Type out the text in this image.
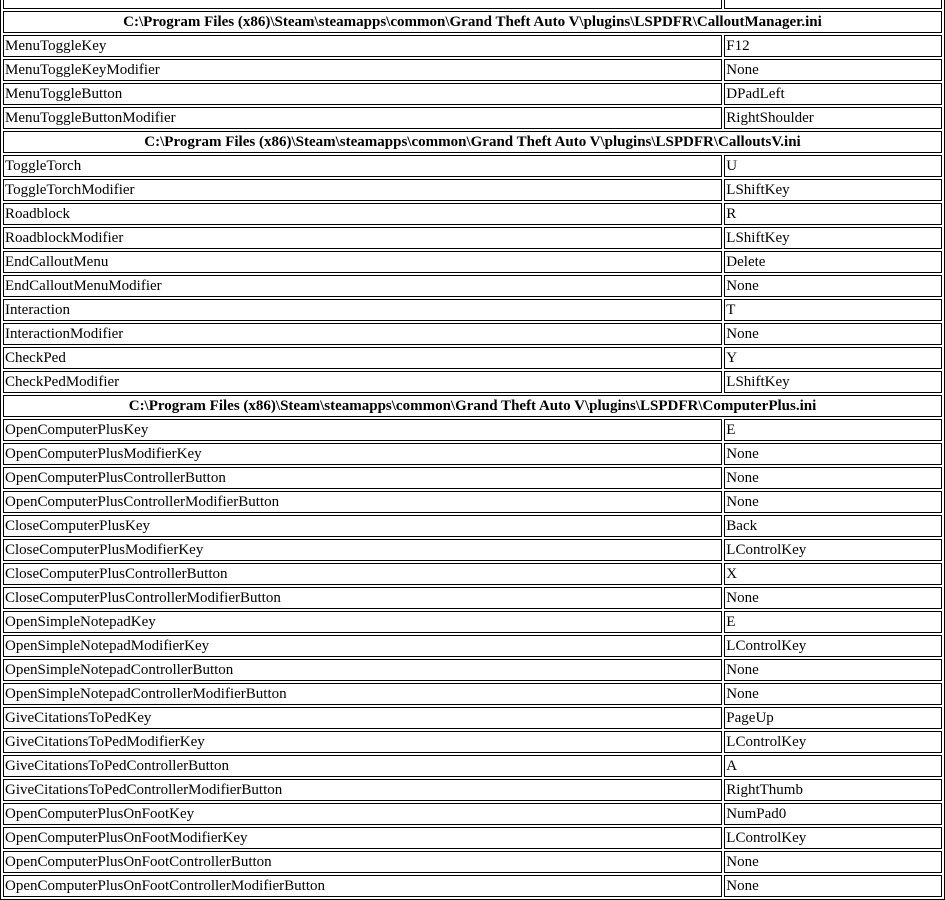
C:\Program Files (x86)\Steam\steamapps\common\Grand Theft Auto V\plugins\LSPDFR\CalloutManager.ini	
MenuToggleKey	F12
MenuToggleKeyModifier	None
MenuToggleButton	DPadLeft
MenuToggleButtonModifier	RightShoulder
C:\Program Files (x86)\Steam\steamapps\common\Grand Theft Auto V\plugins\LSPDFR\CalloutsV.ini	
ToggleTorch	U
ToggleTorchModifier	LShiftKey
Roadblock	R
RoadblockModifier	LShiftKey
EndCalloutMenu	Delete
EndCalloutMenuModifier	None
Interaction	T
InteractionModifier	None
CheckPed	Y
CheckPedModifier	LShiftKey
C:\Program Files (x86)\Steam\steamapps\common\Grand Theft Auto V\plugins\LSPDFR\ComputerPlus.ini	
OpenComputerPlusKey	E
OpenComputerPlusModifierKey	None
OpenComputerPlusControllerButton	None
OpenComputerPlusControllerModifierButton	None
CloseComputerPlusKey	Back
CloseComputerPlusModifierKey	LControlKey
CloseComputerPlusControllerButton	X
CloseComputerPlusControllerModifierButton	None
OpenSimpleNotepadKey	E
OpenSimpleNotepadModifierKey	LControlKey
OpenSimpleNotepadControllerButton	None
OpenSimpleNotepadControllerModifierButton	None
GiveCitationsToPedKey	PageUp
GiveCitationsToPedModifierKey	LControlKey
GiveCitationsToPedControllerButton	A
GiveCitationsToPedControllerModifierButton	RightThumb
OpenComputerPlusOnFootKey	NumPad0
OpenComputerPlusOnFootModifierKey	LControlKey
OpenComputerPlusOnFootControllerButton	None
OpenComputerPlusOnFootControllerModifierButton	None
